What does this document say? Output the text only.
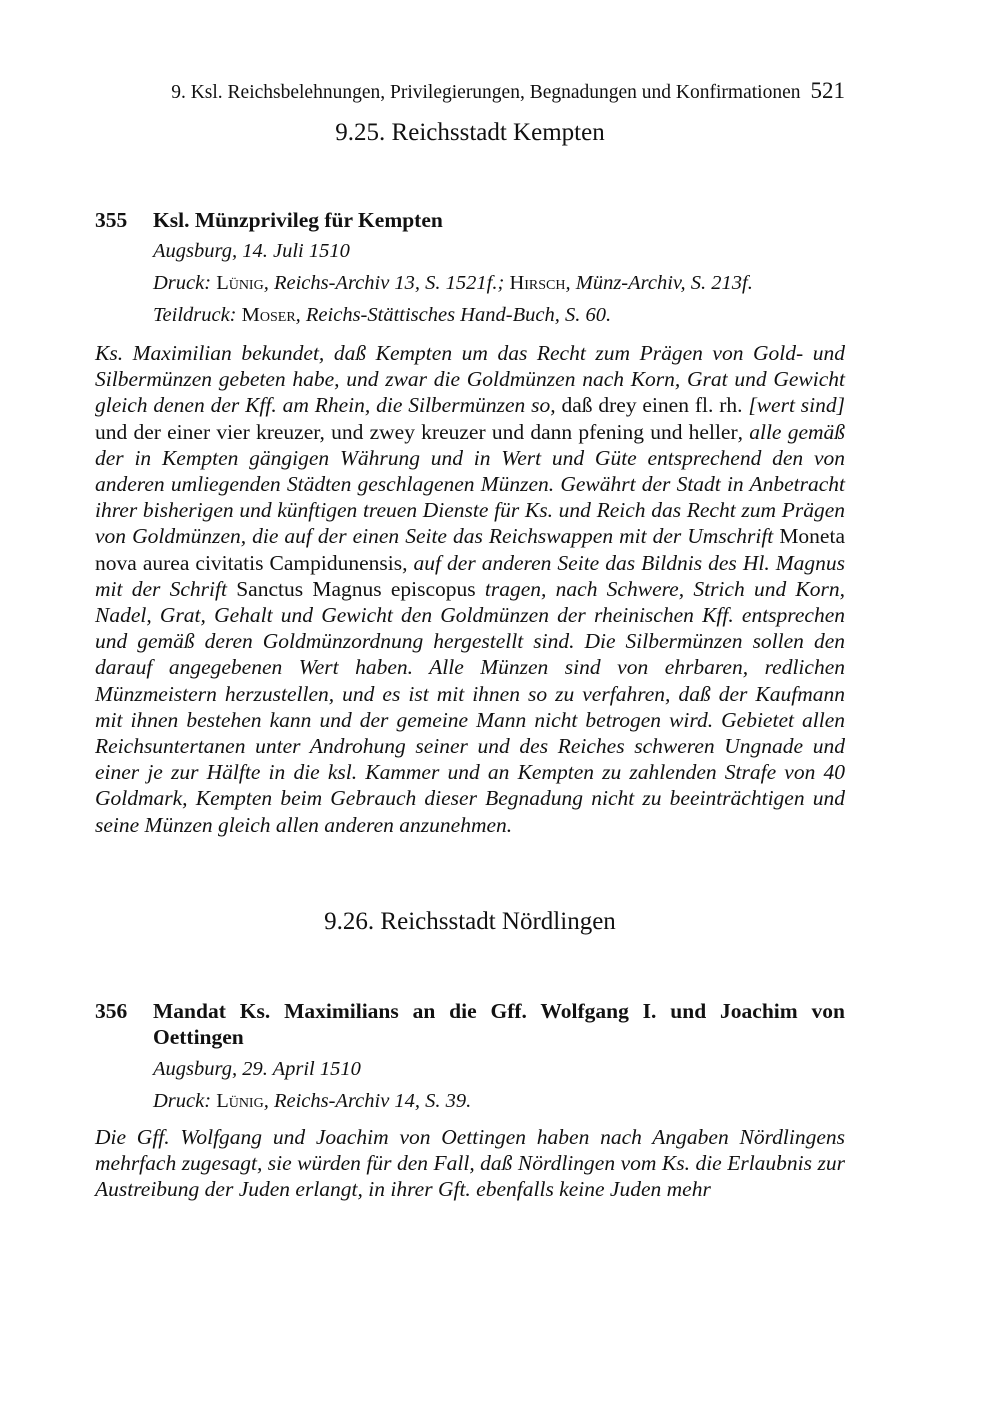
9. Ksl. Reichsbelehnungen, Privilegierungen, Begnadungen und Konfirmationen 521
9.25. Reichsstadt Kempten
355 Ksl. Münzprivileg für Kempten
Augsburg, 14. Juli 1510
Druck: Lünig, Reichs-Archiv 13, S. 1521f.; Hirsch, Münz-Archiv, S. 213f.
Teildruck: Moser, Reichs-Stättisches Hand-Buch, S. 60.
Ks. Maximilian bekundet, daß Kempten um das Recht zum Prägen von Gold- und Silbermünzen gebeten habe, und zwar die Goldmünzen nach Korn, Grat und Gewicht gleich denen der Kff. am Rhein, die Silbermünzen so, daß drey einen fl. rh. [wert sind] und der einer vier kreuzer, und zwey kreuzer und dann pfening und heller, alle gemäß der in Kempten gängigen Währung und in Wert und Güte entsprechend den von anderen umliegenden Städten geschlagenen Münzen. Gewährt der Stadt in Anbetracht ihrer bisherigen und künftigen treuen Dienste für Ks. und Reich das Recht zum Prägen von Goldmünzen, die auf der einen Seite das Reichswappen mit der Umschrift Moneta nova aurea civitatis Campidunensis, auf der anderen Seite das Bildnis des Hl. Magnus mit der Schrift Sanctus Magnus episcopus tragen, nach Schwere, Strich und Korn, Nadel, Grat, Gehalt und Gewicht den Goldmünzen der rheinischen Kff. entsprechen und gemäß deren Goldmünzordnung hergestellt sind. Die Silbermünzen sollen den darauf angegebenen Wert haben. Alle Münzen sind von ehrbaren, redlichen Münzmeistern herzustellen, und es ist mit ihnen so zu verfahren, daß der Kaufmann mit ihnen bestehen kann und der gemeine Mann nicht betrogen wird. Gebietet allen Reichsuntertanen unter Androhung seiner und des Reiches schweren Ungnade und einer je zur Hälfte in die ksl. Kammer und an Kempten zu zahlenden Strafe von 40 Goldmark, Kempten beim Gebrauch dieser Begnadung nicht zu beeinträchtigen und seine Münzen gleich allen anderen anzunehmen.
9.26. Reichsstadt Nördlingen
356 Mandat Ks. Maximilians an die Gff. Wolfgang I. und Joachim von Oettingen
Augsburg, 29. April 1510
Druck: Lünig, Reichs-Archiv 14, S. 39.
Die Gff. Wolfgang und Joachim von Oettingen haben nach Angaben Nördlingens mehrfach zugesagt, sie würden für den Fall, daß Nördlingen vom Ks. die Erlaubnis zur Austreibung der Juden erlangt, in ihrer Gft. ebenfalls keine Juden mehr
